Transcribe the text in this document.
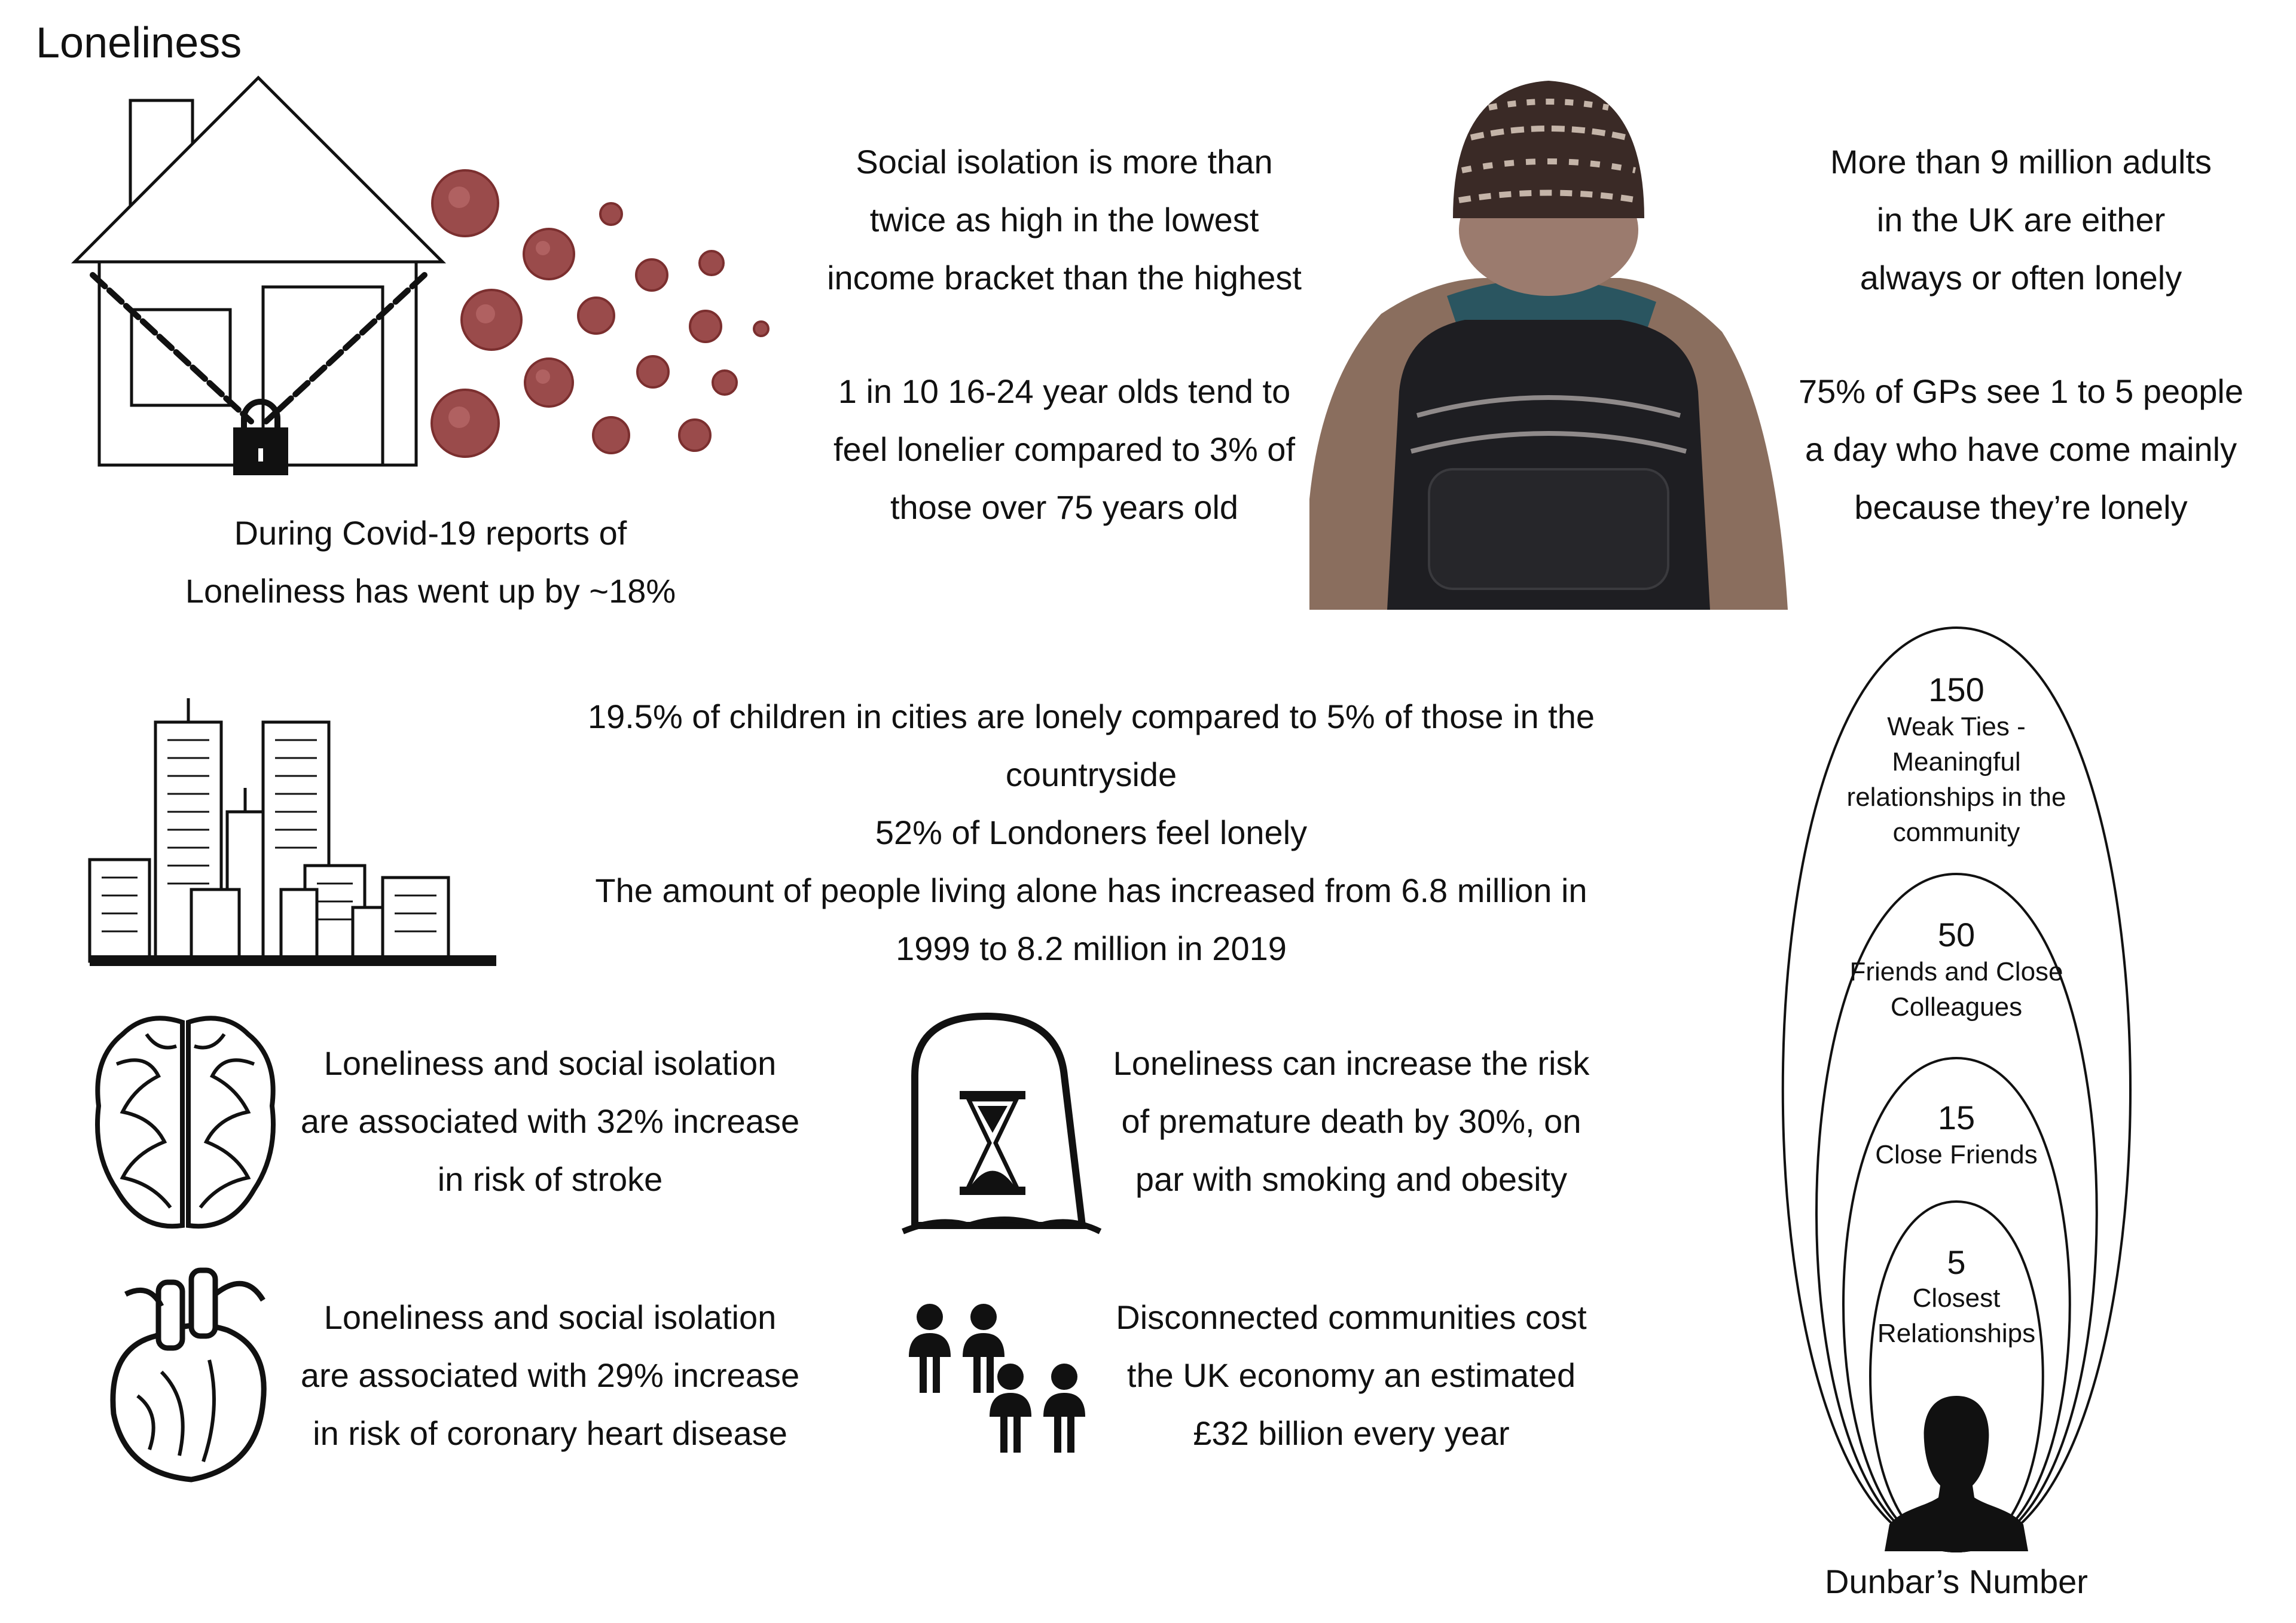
Loneliness
During Covid-19 reports of
Loneliness has went up by ~18%
Social isolation is more than
twice as high in the lowest
income bracket than the highest
1 in 10 16-24 year olds tend to
feel lonelier compared to 3% of
those over 75 years old
More than 9 million adults
in the UK are either
always or often lonely
75% of GPs see 1 to 5 people
a day who have come mainly
because they’re lonely
19.5% of children in cities are lonely compared to 5% of those in the
countryside
52% of Londoners feel lonely
The amount of people living alone has increased from 6.8 million in
1999 to 8.2 million in 2019
Loneliness and social isolation
are associated with 32% increase
in risk of stroke
Loneliness can increase the risk
of premature death by 30%, on
par with smoking and obesity
Loneliness and social isolation
are associated with 29% increase
in risk of coronary heart disease
Disconnected communities cost
the UK economy an estimated
£32 billion every year
150
Weak Ties -
Meaningful
relationships in the
community
50
Friends and Close
Colleagues
15
Close Friends
5
Closest
Relationships
Dunbar’s Number
